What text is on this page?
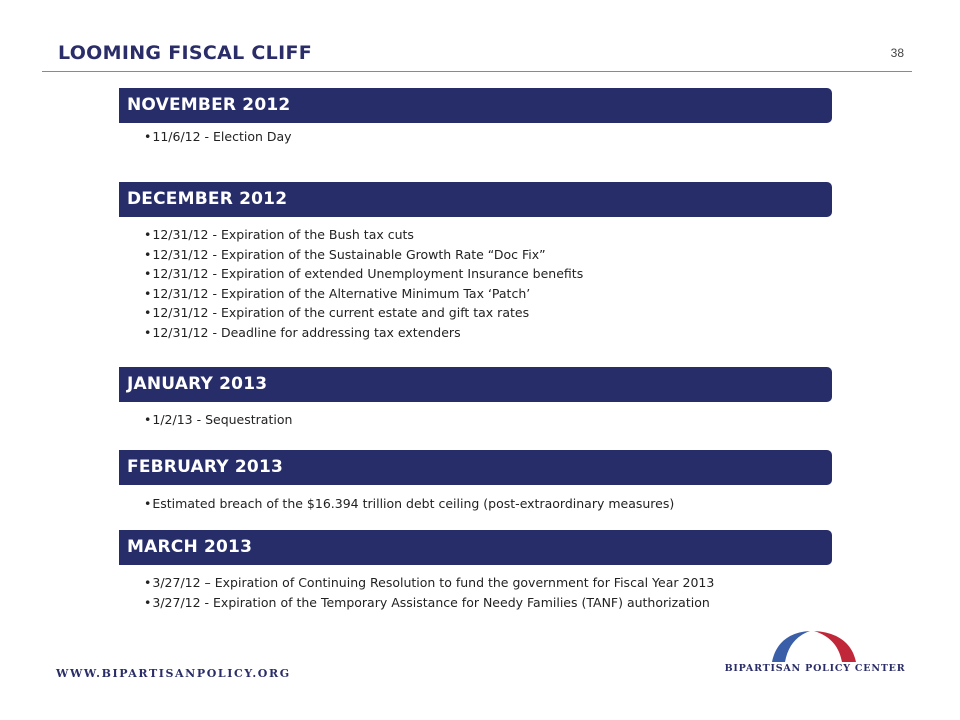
LOOMING FISCAL CLIFF	38
NOVEMBER 2012
•11/6/12 - Election Day
DECEMBER 2012
•12/31/12 - Expiration of the Bush tax cuts
•12/31/12 - Expiration of the Sustainable Growth Rate “Doc Fix”
•12/31/12 - Expiration of extended Unemployment Insurance benefits
•12/31/12 - Expiration of the Alternative Minimum Tax ‘Patch’
•12/31/12 - Expiration of the current estate and gift tax rates
•12/31/12 - Deadline for addressing tax extenders
JANUARY 2013
•1/2/13 - Sequestration
FEBRUARY 2013
•Estimated breach of the $16.394 trillion debt ceiling (post-extraordinary measures)
MARCH 2013
•3/27/12 – Expiration of Continuing Resolution to fund the government for Fiscal Year 2013
•3/27/12 - Expiration of the Temporary Assistance for Needy Families (TANF) authorization
WWW.BIPARTISANPOLICY.ORG	BIPARTISAN POLICY CENTER
